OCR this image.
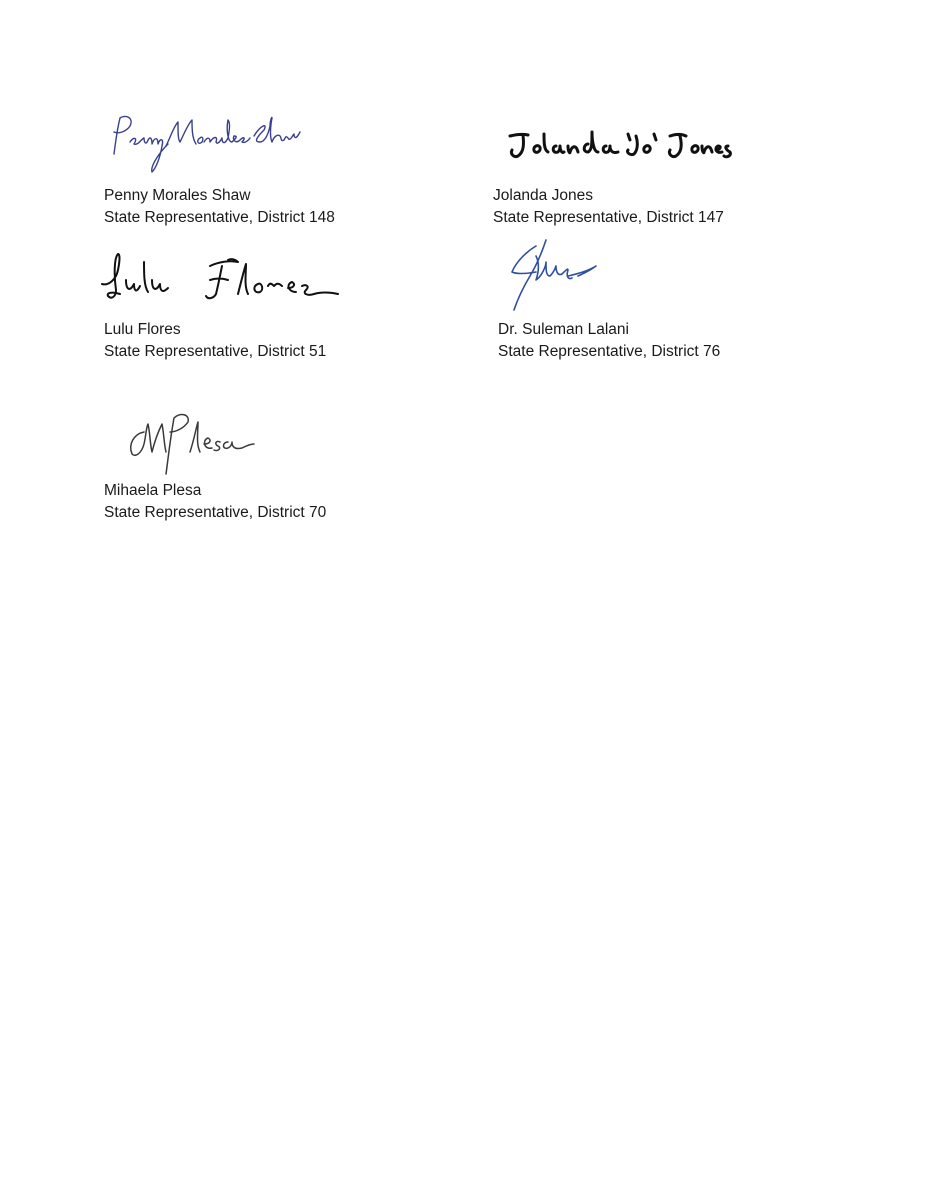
Penny Morales Shaw
State Representative, District 148
Jolanda Jones
State Representative, District 147
Lulu Flores
State Representative, District 51
Dr. Suleman Lalani
State Representative, District 76
Mihaela Plesa
State Representative, District 70
